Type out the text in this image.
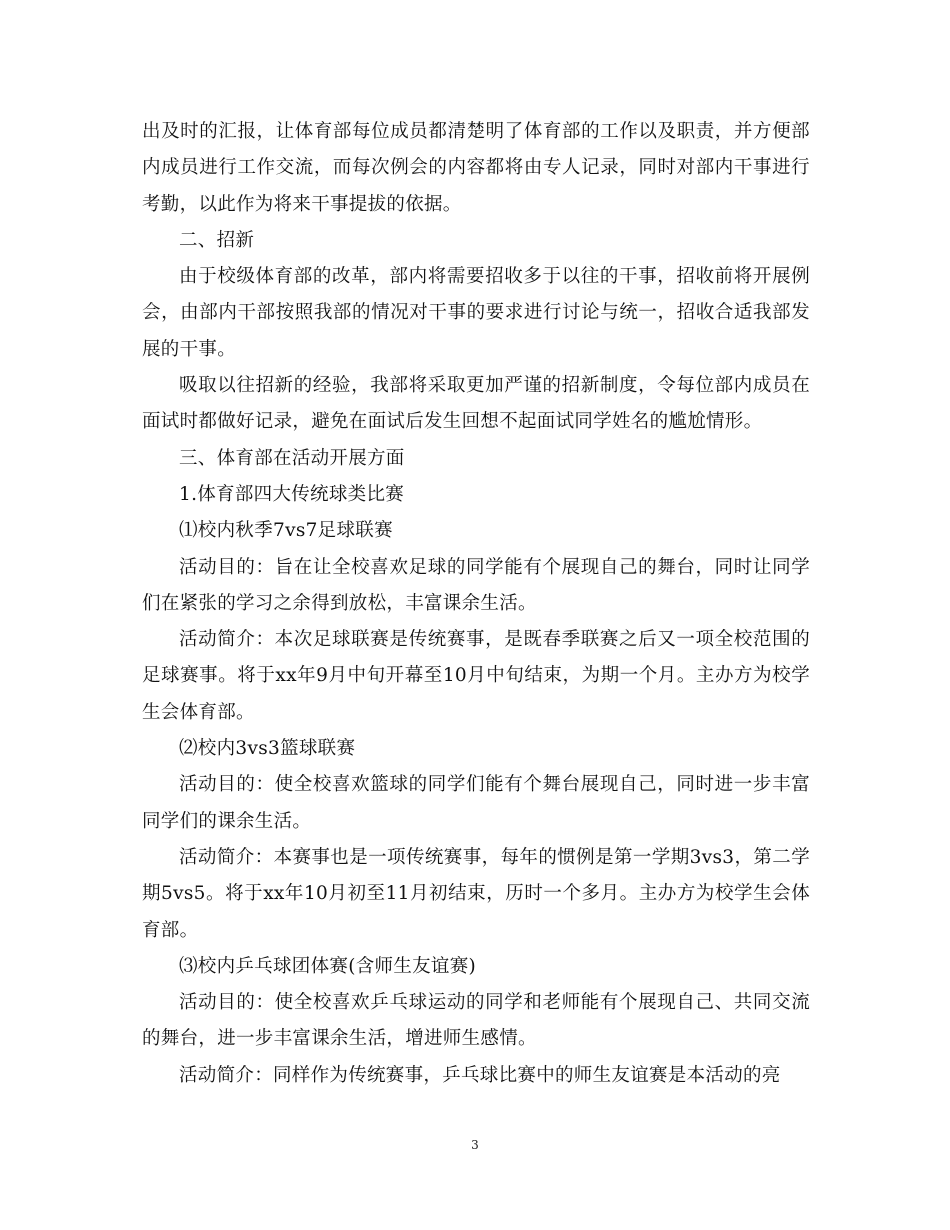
出及时的汇报，让体育部每位成员都清楚明了体育部的工作以及职责，并方便部内成员进行工作交流，而每次例会的内容都将由专人记录，同时对部内干事进行考勤，以此作为将来干事提拔的依据。

二、招新

由于校级体育部的改革，部内将需要招收多于以往的干事，招收前将开展例会，由部内干部按照我部的情况对干事的要求进行讨论与统一，招收合适我部发展的干事。

吸取以往招新的经验，我部将采取更加严谨的招新制度，令每位部内成员在面试时都做好记录，避免在面试后发生回想不起面试同学姓名的尴尬情形。

三、体育部在活动开展方面

1.体育部四大传统球类比赛

⑴校内秋季7vs7足球联赛

活动目的：旨在让全校喜欢足球的同学能有个展现自己的舞台，同时让同学们在紧张的学习之余得到放松，丰富课余生活。

活动简介：本次足球联赛是传统赛事，是既春季联赛之后又一项全校范围的足球赛事。将于xx年9月中旬开幕至10月中旬结束，为期一个月。主办方为校学生会体育部。

⑵校内3vs3篮球联赛

活动目的：使全校喜欢篮球的同学们能有个舞台展现自己，同时进一步丰富同学们的课余生活。

活动简介：本赛事也是一项传统赛事，每年的惯例是第一学期3vs3，第二学期5vs5。将于xx年10月初至11月初结束，历时一个多月。主办方为校学生会体育部。

⑶校内乒乓球团体赛(含师生友谊赛)

活动目的：使全校喜欢乒乓球运动的同学和老师能有个展现自己、共同交流的舞台，进一步丰富课余生活，增进师生感情。

活动简介：同样作为传统赛事，乒乓球比赛中的师生友谊赛是本活动的亮

3
